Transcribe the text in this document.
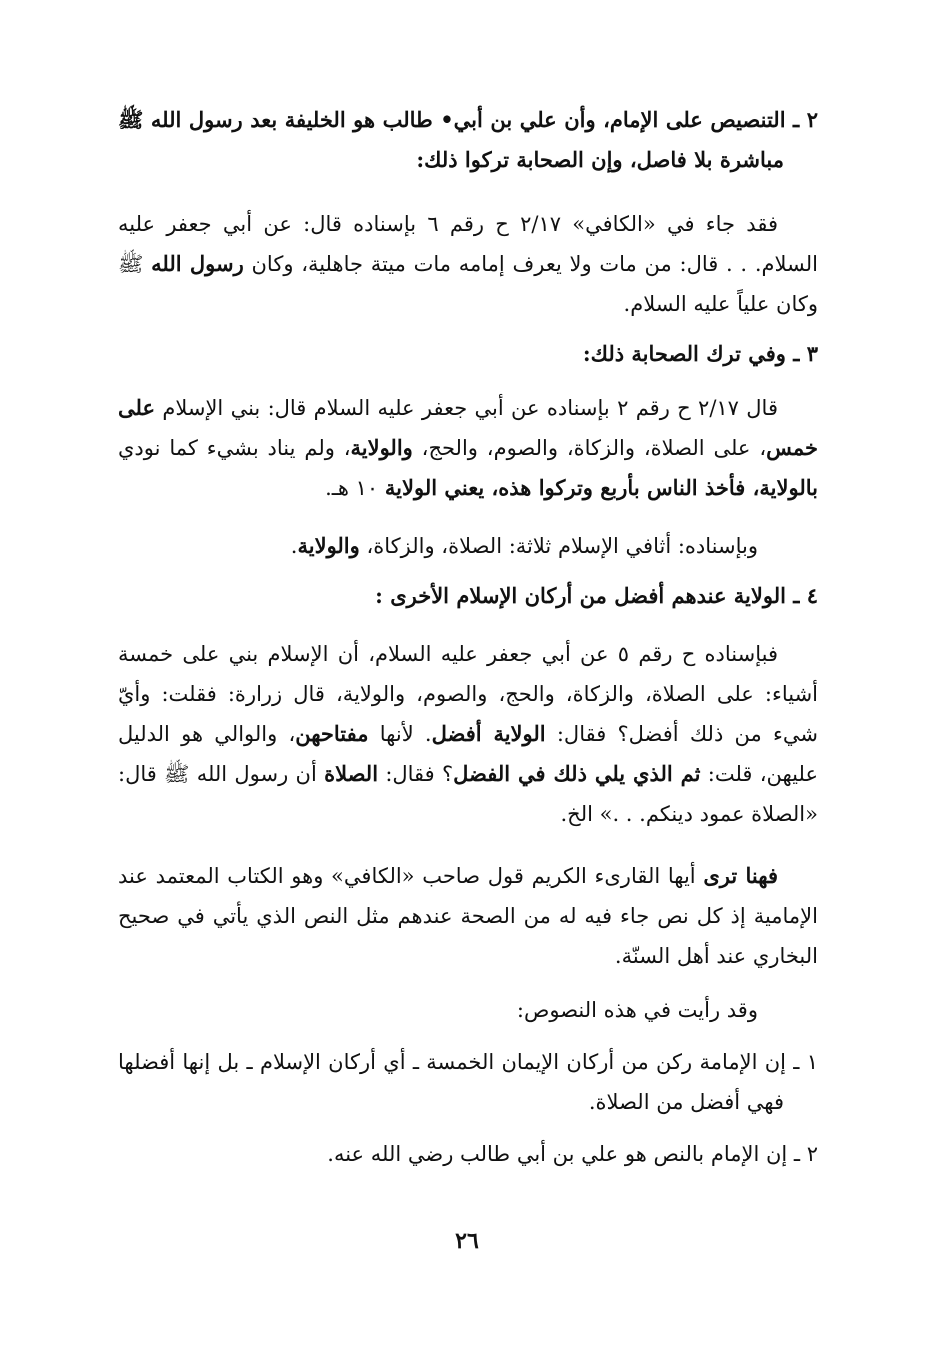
٢ ـ التنصيص على الإمام، وأن علي بن أبي• طالب هو الخليفة بعد رسول الله ﷺ مباشرة بلا فاصل، وإن الصحابة تركوا ذلك:

فقد جاء في «الكافي» ٢/١٧ ح رقم ٦ بإسناده قال: عن أبي جعفر عليه السلام. . . قال: من مات ولا يعرف إمامه مات ميتة جاهلية، وكان رسول الله ﷺ وكان علياً عليه السلام.

٣ ـ وفي ترك الصحابة ذلك:

قال ٢/١٧ ح رقم ٢ بإسناده عن أبي جعفر عليه السلام قال: بني الإسلام على خمس، على الصلاة، والزكاة، والصوم، والحج، والولاية، ولم يناد بشيء كما نودي بالولاية، فأخذ الناس بأربع وتركوا هذه، يعني الولاية ١٠ هـ.

وبإسناده: أثافي الإسلام ثلاثة: الصلاة، والزكاة، والولاية.

٤ ـ الولاية عندهم أفضل من أركان الإسلام الأخرى :

فبإسناده ح رقم ٥ عن أبي جعفر عليه السلام، أن الإسلام بني على خمسة أشياء: على الصلاة، والزكاة، والحج، والصوم، والولاية، قال زرارة: فقلت: وأيّ شيء من ذلك أفضل؟ فقال: الولاية أفضل. لأنها مفتاحهن، والوالي هو الدليل عليهن، قلت: ثم الذي يلي ذلك في الفضل؟ فقال: الصلاة أن رسول الله ﷺ قال: «الصلاة عمود دينكم. . .» الخ.

فهنا ترى أيها القارىء الكريم قول صاحب «الكافي» وهو الكتاب المعتمد عند الإمامية إذ كل نص جاء فيه له من الصحة عندهم مثل النص الذي يأتي في صحيح البخاري عند أهل السنّة.

وقد رأيت في هذه النصوص:

١ ـ إن الإمامة ركن من أركان الإيمان الخمسة ـ أي أركان الإسلام ـ بل إنها أفضلها فهي أفضل من الصلاة.

٢ ـ إن الإمام بالنص هو علي بن أبي طالب رضي الله عنه.

٢٦
